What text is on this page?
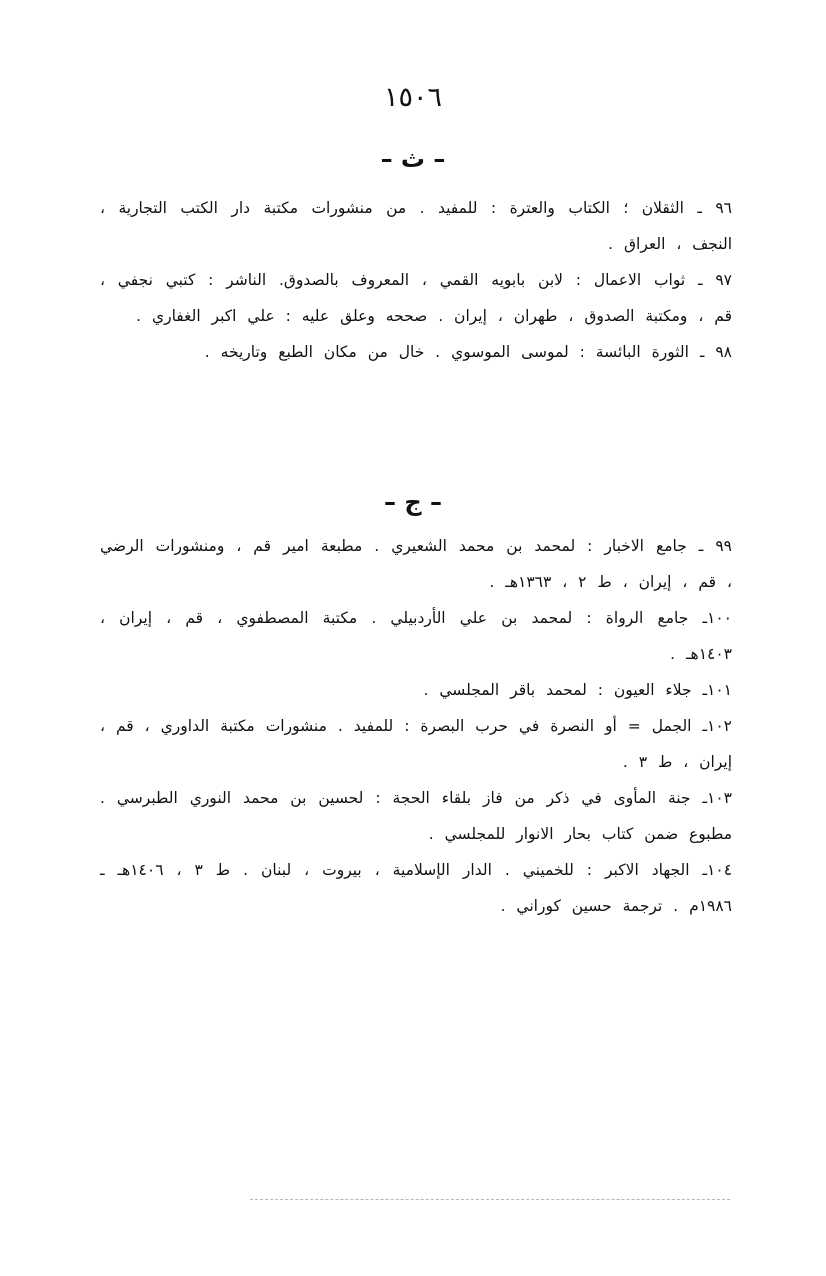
١٥٠٦
– ث –
٩٦ ـ الثقلان ؛ الكتاب والعترة : للمفيد . من منشورات مكتبة دار الكتب التجارية ، النجف ، العراق .
٩٧ ـ ثواب الاعمال : لابن بابويه القمي ، المعروف بالصدوق. الناشر : كتبي نجفي ، قم ، ومكتبة الصدوق ، طهران ، إيران . صححه وعلق عليه : علي اكبر الغفاري .
٩٨ ـ الثورة البائسة : لموسى الموسوي . خال من مكان الطبع وتاريخه .
– ج –
٩٩ ـ جامع الاخبار : لمحمد بن محمد الشعيري . مطبعة امير قم ، ومنشورات الرضي ، قم ، إيران ، ط ٢ ، ١٣٦٣هـ .
١٠٠ـ جامع الرواة : لمحمد بن علي الأردبيلي . مكتبة المصطفوي ، قم ، إيران ، ١٤٠٣هـ .
١٠١ـ جلاء العيون : لمحمد باقر المجلسي .
١٠٢ـ الجمل = أو النصرة في حرب البصرة : للمفيد . منشورات مكتبة الداوري ، قم ، إيران ، ط ٣ .
١٠٣ـ جنة المأوى في ذكر من فاز بلقاء الحجة : لحسين بن محمد النوري الطبرسي . مطبوع ضمن كتاب بحار الانوار للمجلسي .
١٠٤ـ الجهاد الاكبر : للخميني . الدار الإسلامية ، بيروت ، لبنان . ط ٣ ، ١٤٠٦هـ ـ ١٩٨٦م . ترجمة حسين كوراني .
